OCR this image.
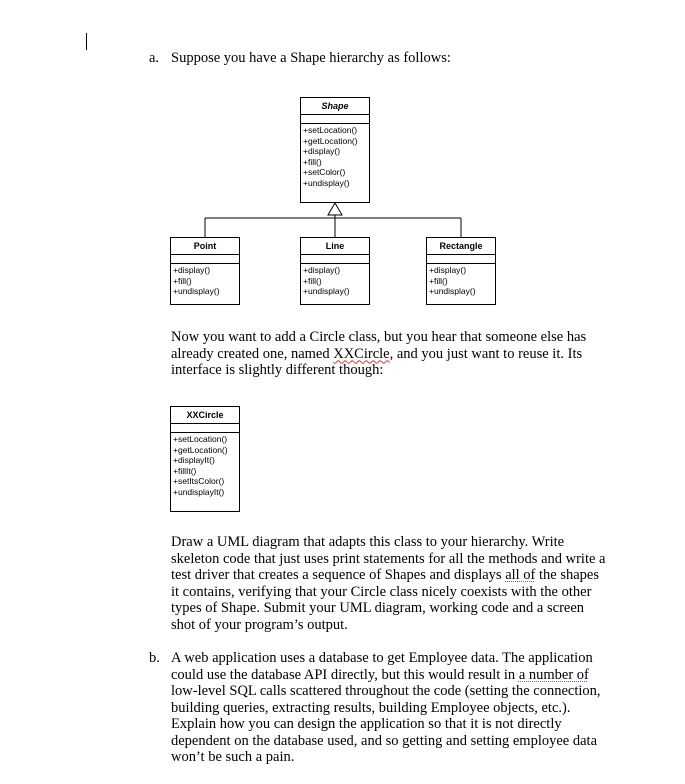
a. Suppose you have a Shape hierarchy as follows:

Shape
+setLocation()
+getLocation()
+display()
+fill()
+setColor()
+undisplay()
Point
+display()
+fill()
+undisplay()
Line
+display()
+fill()
+undisplay()
Rectangle
+display()
+fill()
+undisplay()

Now you want to add a Circle class, but you hear that someone else has
already created one, named XXCircle, and you just want to reuse it. Its
interface is slightly different though:

XXCircle
+setLocation()
+getLocation()
+displayIt()
+fillIt()
+setItsColor()
+undisplayIt()

Draw a UML diagram that adapts this class to your hierarchy. Write
skeleton code that just uses print statements for all the methods and write a
test driver that creates a sequence of Shapes and displays all of the shapes
it contains, verifying that your Circle class nicely coexists with the other
types of Shape. Submit your UML diagram, working code and a screen
shot of your program’s output.

b. A web application uses a database to get Employee data. The application
could use the database API directly, but this would result in a number of
low-level SQL calls scattered throughout the code (setting the connection,
building queries, extracting results, building Employee objects, etc.).
Explain how you can design the application so that it is not directly
dependent on the database used, and so getting and setting employee data
won’t be such a pain.
